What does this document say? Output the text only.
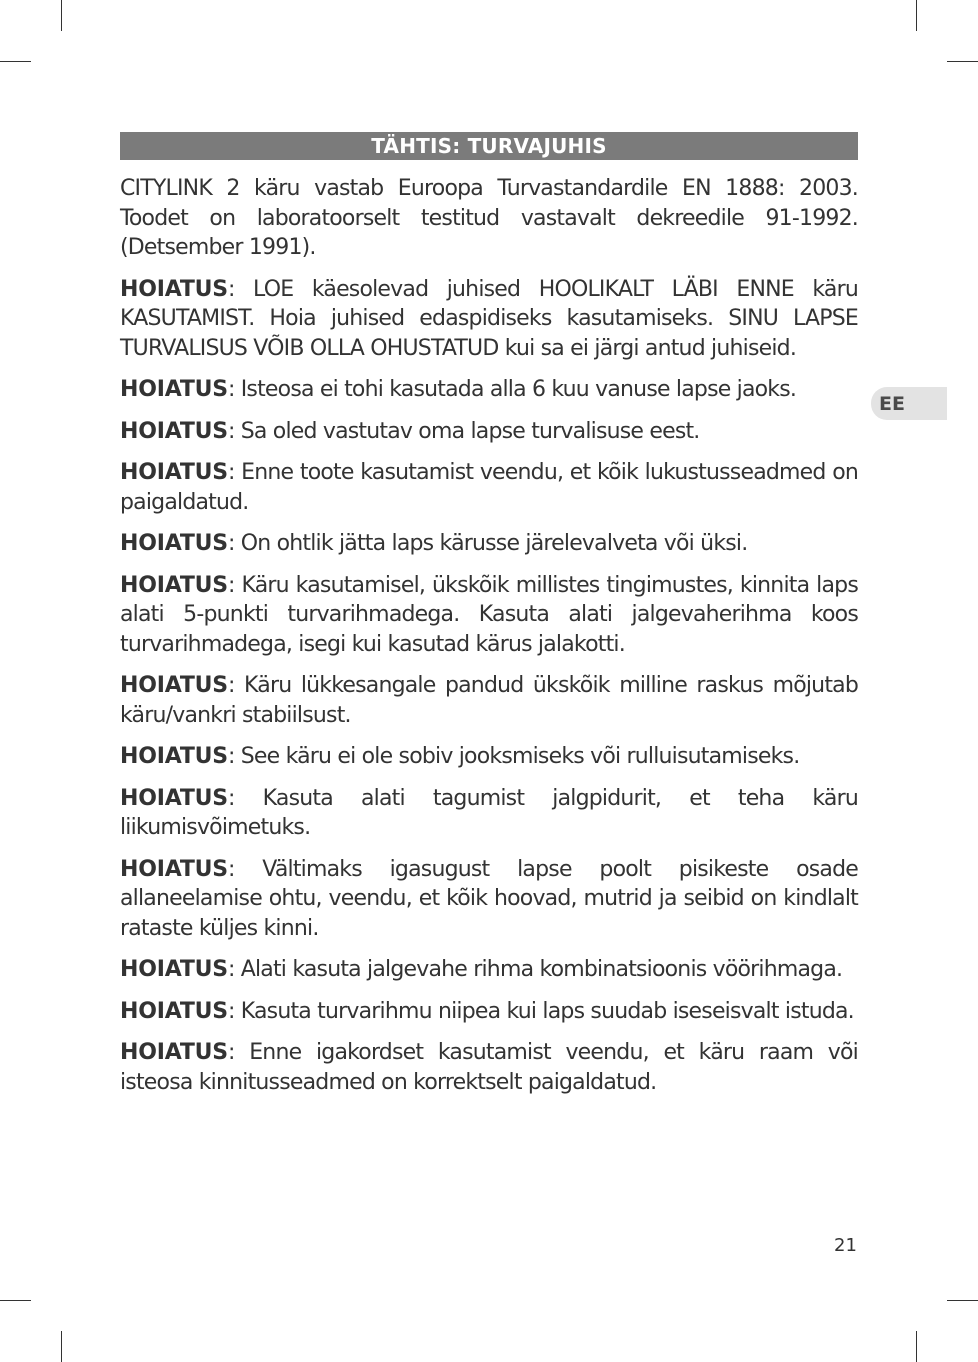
TÄHTIS: TURVAJUHIS

CITYLINK 2 käru vastab Euroopa Turvastandardile EN 1888: 2003. Toodet on laboratoorselt testitud vastavalt dekreedile 91-1992. (Detsember 1991).

HOIATUS: LOE käesolevad juhised HOOLIKALT LÄBI ENNE käru KASUTAMIST. Hoia juhised edaspidiseks kasutamiseks. SINU LAPSE TURVALISUS VÕIB OLLA OHUSTATUD kui sa ei järgi antud juhiseid.

HOIATUS: Isteosa ei tohi kasutada alla 6 kuu vanuse lapse jaoks.

HOIATUS: Sa oled vastutav oma lapse turvalisuse eest.

HOIATUS: Enne toote kasutamist veendu, et kõik lukustusseadmed on paigaldatud.

HOIATUS: On ohtlik jätta laps kärusse järelevalveta või üksi.

HOIATUS: Käru kasutamisel, ükskõik millistes tingimustes, kinnita laps alati 5-punkti turvarihmadega. Kasuta alati jalgevaherihma koos turvarihmadega, isegi kui kasutad kärus jalakotti.

HOIATUS: Käru lükkesangale pandud ükskõik milline raskus mõjutab käru/vankri stabiilsust.

HOIATUS: See käru ei ole sobiv jooksmiseks või rulluisutamiseks.

HOIATUS: Kasuta alati tagumist jalgpidurit, et teha käru liikumisvõimetuks.

HOIATUS: Vältimaks igasugust lapse poolt pisikeste osade allaneelamise ohtu, veendu, et kõik hoovad, mutrid ja seibid on kindlalt rataste küljes kinni.

HOIATUS: Alati kasuta jalgevahe rihma kombinatsioonis vöörihmaga.

HOIATUS: Kasuta turvarihmu niipea kui laps suudab iseseisvalt istuda.

HOIATUS: Enne igakordset kasutamist veendu, et käru raam või isteosa kinnitusseadmed on korrektselt paigaldatud.

EE
21
